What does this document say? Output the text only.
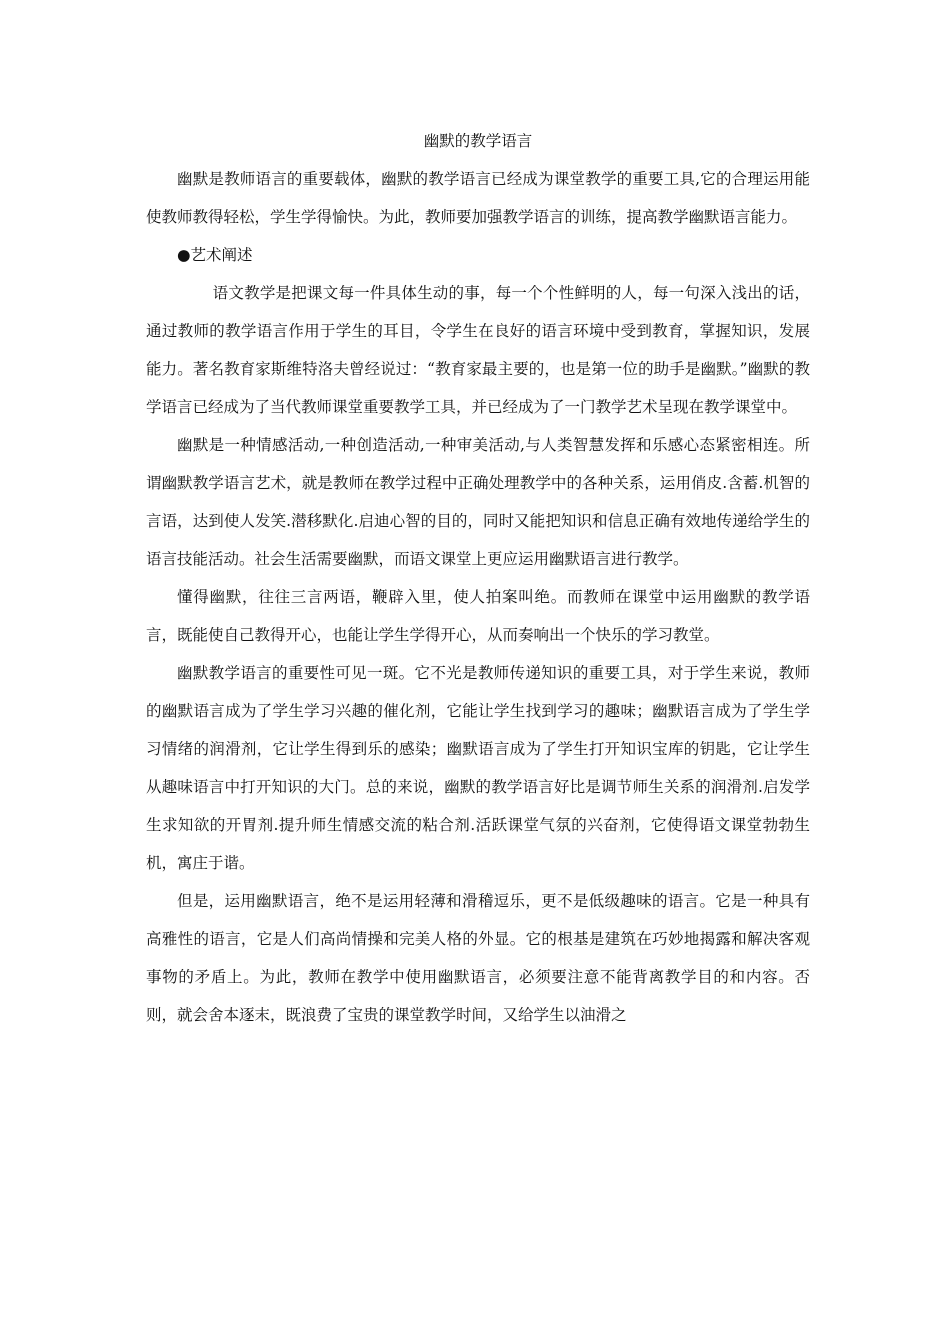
幽默的教学语言

幽默是教师语言的重要载体，幽默的教学语言已经成为课堂教学的重要工具,它的合理运用能使教师教得轻松，学生学得愉快。为此，教师要加强教学语言的训练，提高教学幽默语言能力。

●艺术阐述

语文教学是把课文每一件具体生动的事，每一个个性鲜明的人，每一句深入浅出的话，通过教师的教学语言作用于学生的耳目，令学生在良好的语言环境中受到教育，掌握知识，发展能力。著名教育家斯维特洛夫曾经说过：“教育家最主要的，也是第一位的助手是幽默。”幽默的教学语言已经成为了当代教师课堂重要教学工具，并已经成为了一门教学艺术呈现在教学课堂中。

幽默是一种情感活动,一种创造活动,一种审美活动,与人类智慧发挥和乐感心态紧密相连。所谓幽默教学语言艺术，就是教师在教学过程中正确处理教学中的各种关系，运用俏皮.含蓄.机智的言语，达到使人发笑.潜移默化.启迪心智的目的，同时又能把知识和信息正确有效地传递给学生的语言技能活动。社会生活需要幽默，而语文课堂上更应运用幽默语言进行教学。

懂得幽默，往往三言两语，鞭辟入里，使人拍案叫绝。而教师在课堂中运用幽默的教学语言，既能使自己教得开心，也能让学生学得开心，从而奏响出一个快乐的学习教堂。

幽默教学语言的重要性可见一斑。它不光是教师传递知识的重要工具，对于学生来说，教师的幽默语言成为了学生学习兴趣的催化剂，它能让学生找到学习的趣味；幽默语言成为了学生学习情绪的润滑剂，它让学生得到乐的感染；幽默语言成为了学生打开知识宝库的钥匙，它让学生从趣味语言中打开知识的大门。总的来说，幽默的教学语言好比是调节师生关系的润滑剂.启发学生求知欲的开胃剂.提升师生情感交流的粘合剂.活跃课堂气氛的兴奋剂，它使得语文课堂勃勃生机，寓庄于谐。

但是，运用幽默语言，绝不是运用轻薄和滑稽逗乐，更不是低级趣味的语言。它是一种具有高雅性的语言，它是人们高尚情操和完美人格的外显。它的根基是建筑在巧妙地揭露和解决客观事物的矛盾上。为此，教师在教学中使用幽默语言，必须要注意不能背离教学目的和内容。否则，就会舍本逐末，既浪费了宝贵的课堂教学时间，又给学生以油滑之
